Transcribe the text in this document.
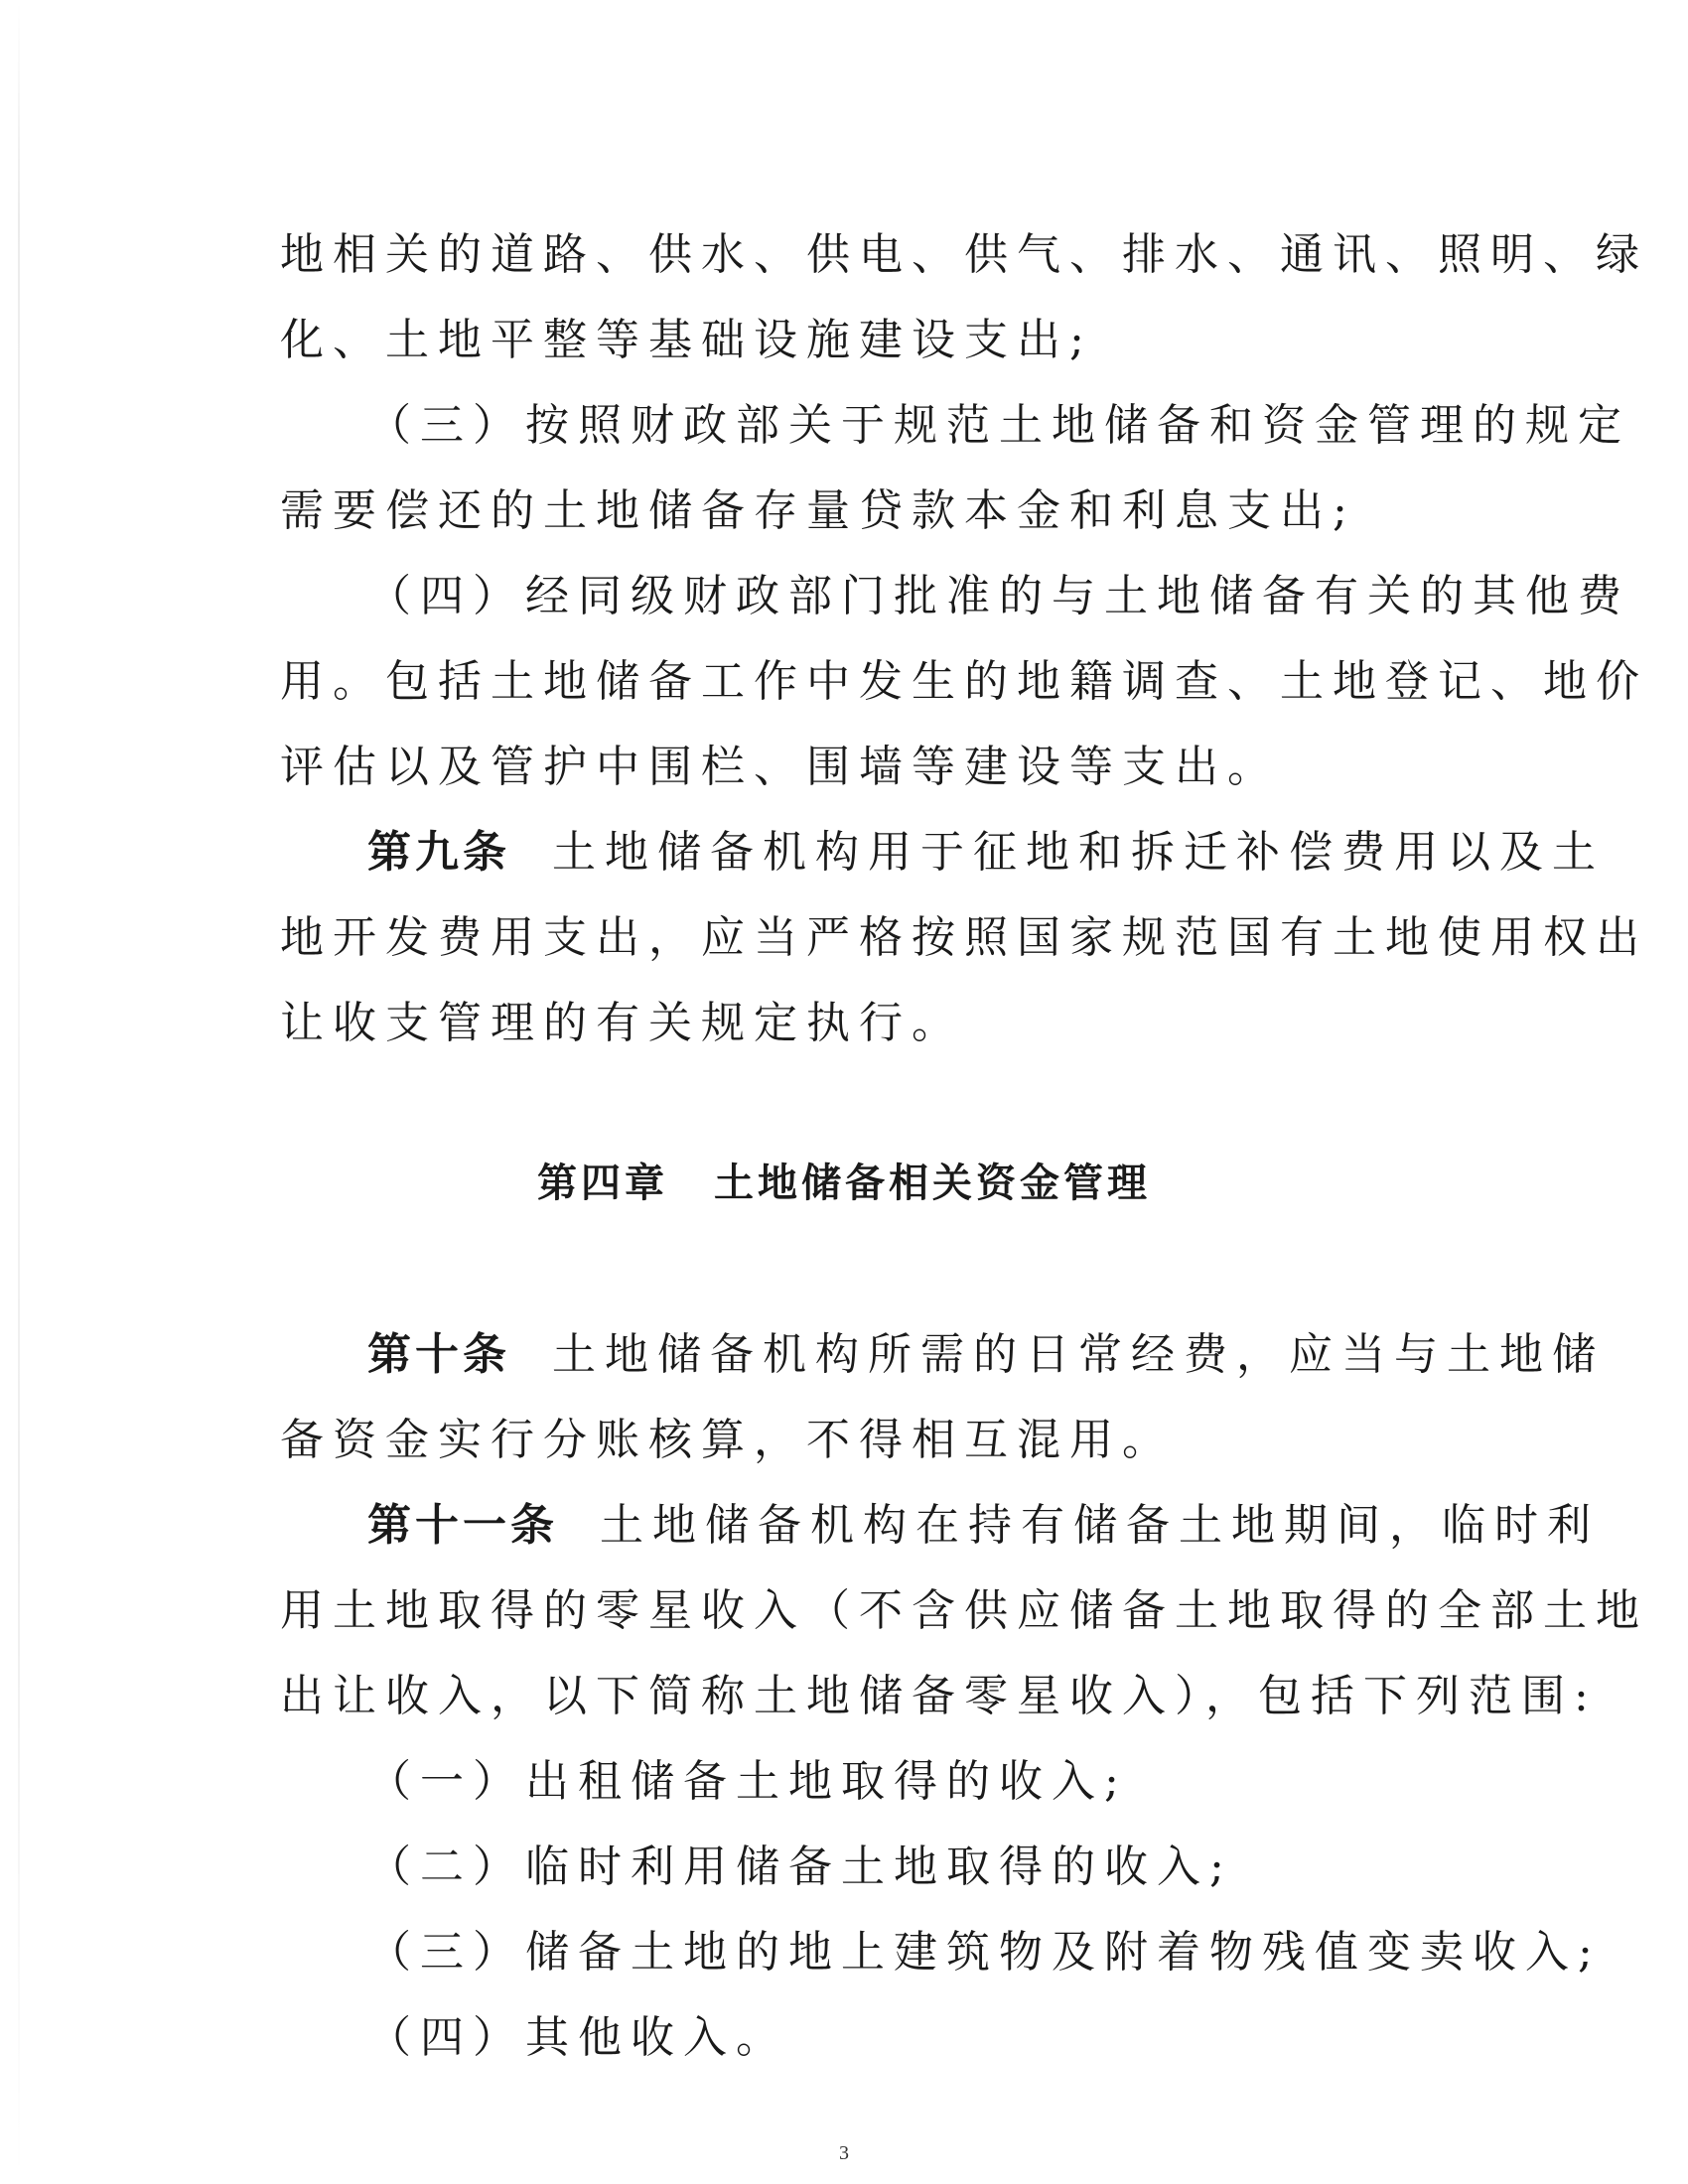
地相关的道路、供水、供电、供气、排水、通讯、照明、绿
化、土地平整等基础设施建设支出;
（三）按照财政部关于规范土地储备和资金管理的规定
需要偿还的土地储备存量贷款本金和利息支出;
（四）经同级财政部门批准的与土地储备有关的其他费
用。包括土地储备工作中发生的地籍调查、土地登记、地价
评估以及管护中围栏、围墙等建设等支出。
第九条 土地储备机构用于征地和拆迁补偿费用以及土
地开发费用支出，应当严格按照国家规范国有土地使用权出
让收支管理的有关规定执行。
第四章 土地储备相关资金管理
第十条 土地储备机构所需的日常经费，应当与土地储
备资金实行分账核算，不得相互混用。
第十一条 土地储备机构在持有储备土地期间，临时利
用土地取得的零星收入（不含供应储备土地取得的全部土地
出让收入，以下简称土地储备零星收入），包括下列范围:
（一）出租储备土地取得的收入;
（二）临时利用储备土地取得的收入;
（三）储备土地的地上建筑物及附着物残值变卖收入;
（四）其他收入。
3
